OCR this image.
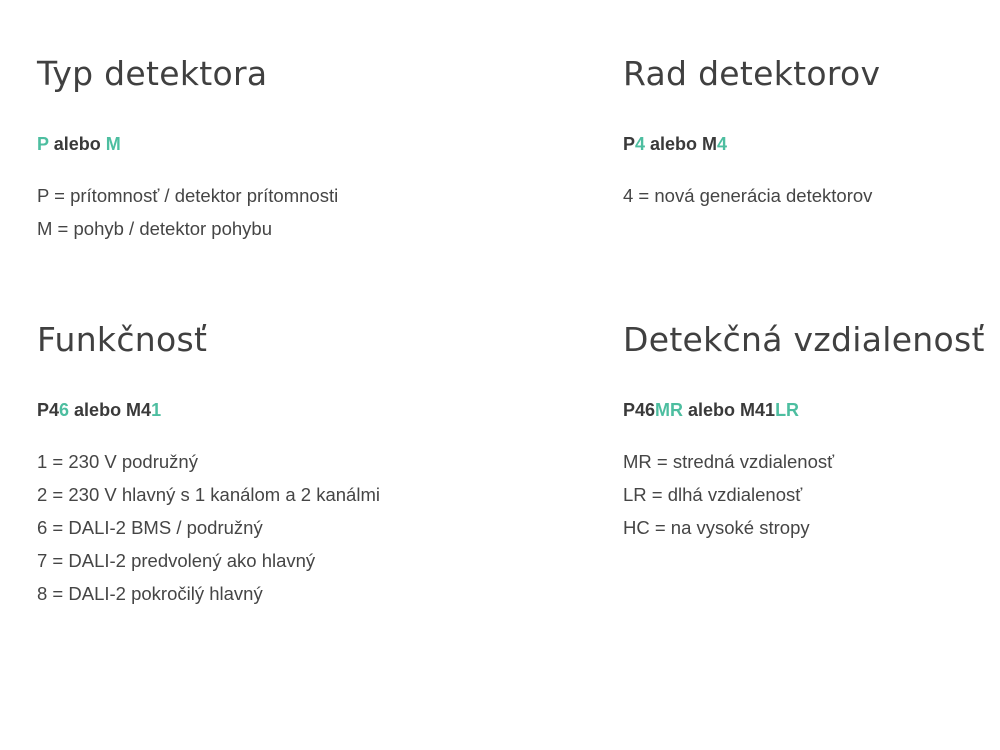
Typ detektora
P alebo M
P = prítomnosť / detektor prítomnosti
M = pohyb / detektor pohybu
Rad detektorov
P4 alebo M4
4 = nová generácia detektorov
Funkčnosť
P46 alebo M41
1 = 230 V podružný
2 = 230 V hlavný s 1 kanálom a 2 kanálmi
6 = DALI-2 BMS / podružný
7 = DALI-2 predvolený ako hlavný
8 = DALI-2 pokročilý hlavný
Detekčná vzdialenosť
P46MR alebo M41LR
MR = stredná vzdialenosť
LR = dlhá vzdialenosť
HC = na vysoké stropy
